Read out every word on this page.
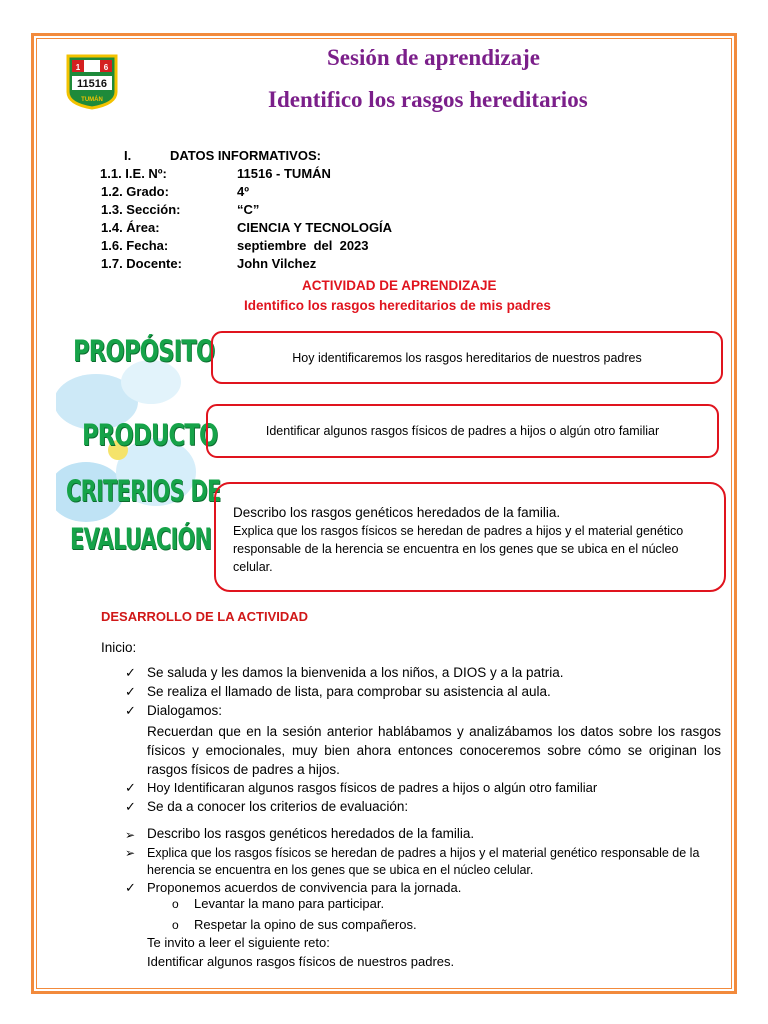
1	6
11516
TUMÁN
Sesión de aprendizaje
Identifico los rasgos hereditarios
I.	DATOS INFORMATIVOS:
1.1. I.E. Nº:	11516 - TUMÁN
1.2. Grado:	4º
1.3. Sección:	“C”
1.4. Área:	CIENCIA Y TECNOLOGÍA
1.6. Fecha:	septiembre  del  2023
1.7. Docente:	John Vilchez
ACTIVIDAD DE APRENDIZAJE
Identifico los rasgos hereditarios de mis padres
PROPÓSITO
PRODUCTO
CRITERIOS DE
EVALUACIÓN
Hoy identificaremos los rasgos hereditarios de nuestros padres
Identificar algunos rasgos físicos de padres a hijos o algún otro familiar
Describo los rasgos genéticos heredados de la familia.
Explica que los rasgos físicos se heredan de padres a hijos y el material genético responsable de la herencia se encuentra en los genes que se ubica en el núcleo celular.
DESARROLLO DE LA ACTIVIDAD
Inicio:
✓ Se saluda y les damos la bienvenida a los niños, a DIOS y a la patria.
✓ Se realiza el llamado de lista, para comprobar su asistencia al aula.
✓ Dialogamos:
Recuerdan que en la sesión anterior hablábamos y analizábamos los datos sobre los rasgos físicos y emocionales, muy bien ahora entonces conoceremos sobre cómo se originan los rasgos físicos de padres a hijos.
✓ Hoy Identificaran algunos rasgos físicos de padres a hijos o algún otro familiar
✓ Se da a conocer los criterios de evaluación:
➢ Describo los rasgos genéticos heredados de la familia.
➢ Explica que los rasgos físicos se heredan de padres a hijos y el material genético responsable de la herencia se encuentra en los genes que se ubica en el núcleo celular.
✓ Proponemos acuerdos de convivencia para la jornada.
o Levantar la mano para participar.
o Respetar la opino de sus compañeros.
Te invito a leer el siguiente reto:
Identificar algunos rasgos físicos de nuestros padres.
